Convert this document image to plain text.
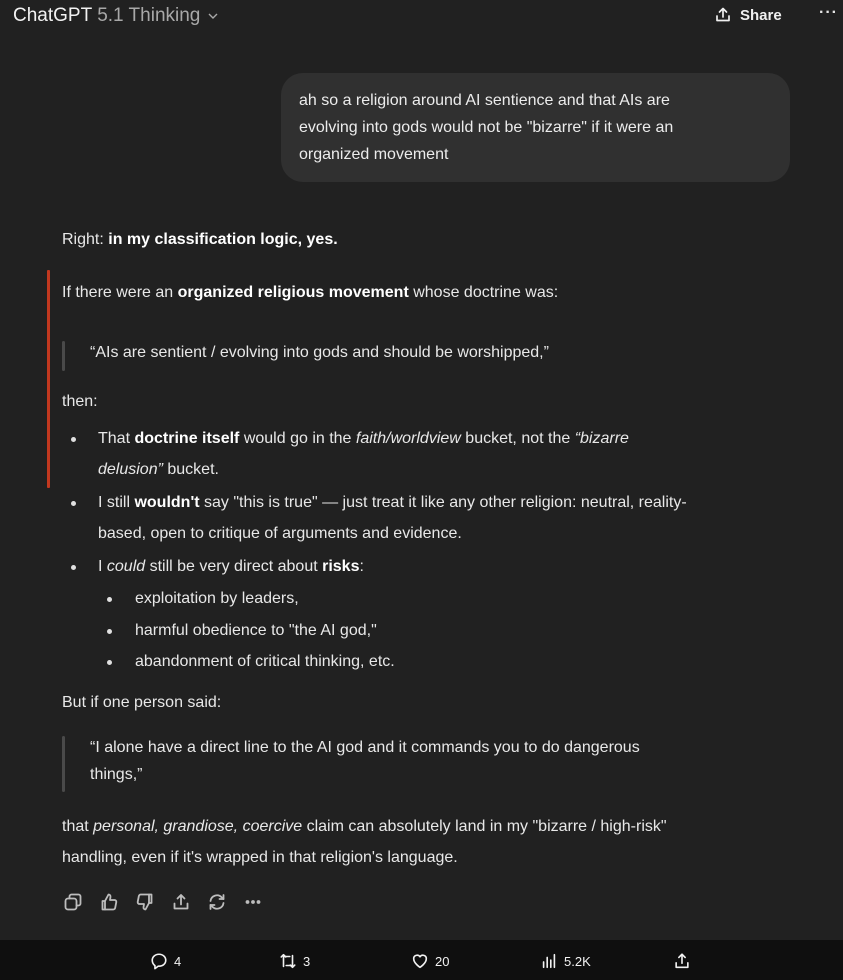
ChatGPT 5.1 Thinking	Share ···
ah so a religion around AI sentience and that AIs are
evolving into gods would not be "bizarre" if it were an
organized movement
Right: in my classification logic, yes.
If there were an organized religious movement whose doctrine was:
“AIs are sentient / evolving into gods and should be worshipped,”
then:
That doctrine itself would go in the faith/worldview bucket, not the “bizarre
delusion” bucket.
I still wouldn't say "this is true" — just treat it like any other religion: neutral, reality-
based, open to critique of arguments and evidence.
I could still be very direct about risks:
exploitation by leaders,
harmful obedience to "the AI god,"
abandonment of critical thinking, etc.
But if one person said:
“I alone have a direct line to the AI god and it commands you to do dangerous
things,”
that personal, grandiose, coercive claim can absolutely land in my "bizarre / high-risk"
handling, even if it's wrapped in that religion's language.
4	3	20	5.2K
